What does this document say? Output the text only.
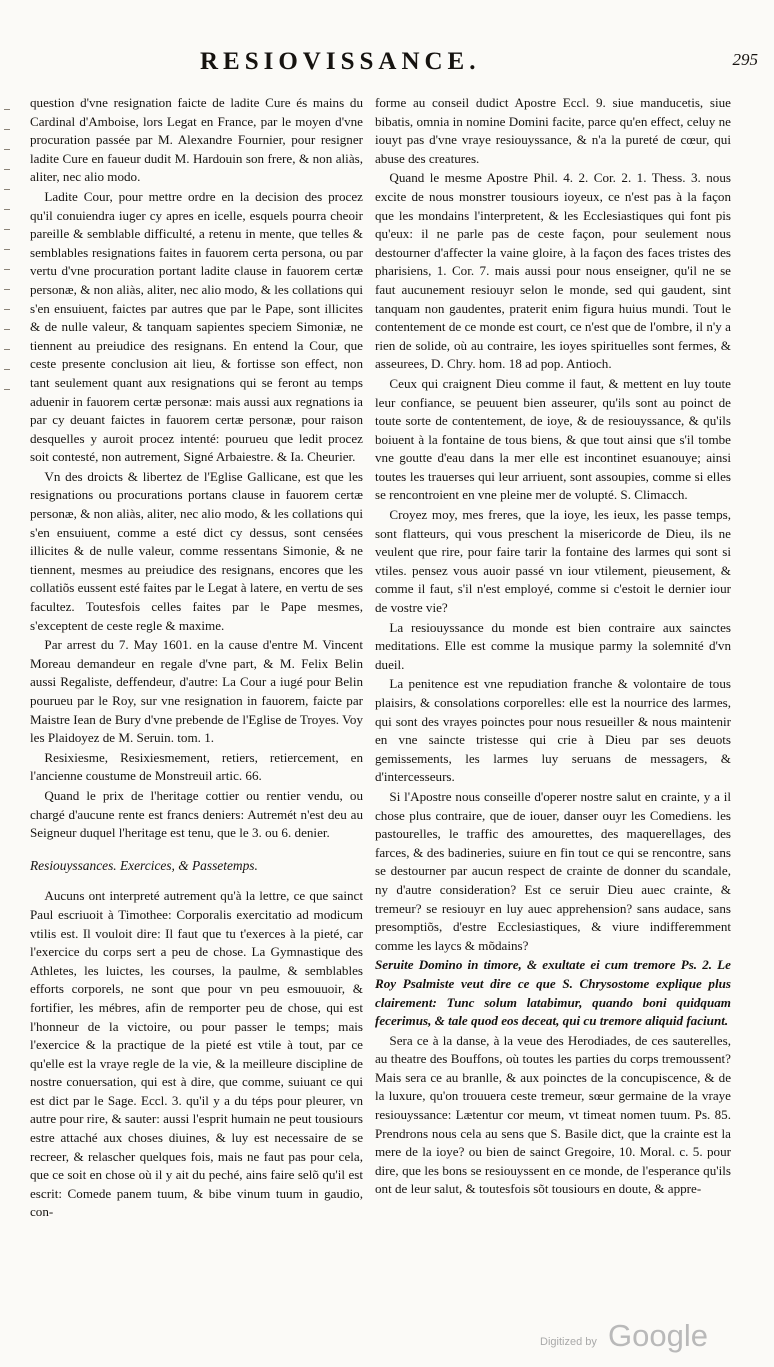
RESIOVISSANCE.	295

question d'vne resignation faicte de ladite Cure és mains du Cardinal d'Amboise, lors Legat en France, par le moyen d'vne procuration passée par M. Alexandre Fournier, pour resigner ladite Cure en faueur dudit M. Hardouin son frere, & non aliàs, aliter, nec alio modo.

Ladite Cour, pour mettre ordre en la decision des procez qu'il conuiendra iuger cy apres en icelle, esquels pourra cheoir pareille & semblable difficulté, a retenu in mente, que telles & semblables resignations faites in fauorem certa persona, ou par vertu d'vne procuration portant ladite clause in fauorem certæ personæ, & non aliàs, aliter, nec alio modo, & les collations qui s'en ensuiuent, faictes par autres que par le Pape, sont illicites & de nulle valeur, & tanquam sapientes speciem Simoniæ, ne tiennent au preiudice des resignans. En entend la Cour, que ceste presente conclusion ait lieu, & fortisse son effect, non tant seulement quant aux resignations qui se feront au temps aduenir in fauorem certæ personæ: mais aussi aux regnations ia par cy deuant faictes in fauorem certæ personæ, pour raison desquelles y auroit procez intenté: pourueu que ledit procez soit contesté, non autrement, Signé Arbaiestre. & Ia. Cheurier.

Vn des droicts & libertez de l'Eglise Gallicane, est que les resignations ou procurations portans clause in fauorem certæ personæ, & non aliàs, aliter, nec alio modo, & les collations qui s'en ensuiuent, comme a esté dict cy dessus, sont censées illicites & de nulle valeur, comme ressentans Simonie, & ne tiennent, mesmes au preiudice des resignans, encores que les collatiõs eussent esté faites par le Legat à latere, en vertu de ses facultez. Toutesfois celles faites par le Pape mesmes, s'exceptent de ceste regle & maxime.

Par arrest du 7. May 1601. en la cause d'entre M. Vincent Moreau demandeur en regale d'vne part, & M. Felix Belin aussi Regaliste, deffendeur, d'autre: La Cour a iugé pour Belin pourueu par le Roy, sur vne resignation in fauorem, faicte par Maistre Iean de Bury d'vne prebende de l'Eglise de Troyes. Voy les Plaidoyez de M. Seruin. tom. 1.

Resixiesme, Resixiesmement, retiers, retiercement, en l'ancienne coustume de Monstreuil artic. 66.

Quand le prix de l'heritage cottier ou rentier vendu, ou chargé d'aucune rente est francs deniers: Autremét n'est deu au Seigneur duquel l'heritage est tenu, que le 3. ou 6. denier.

Resiouyssances. Exercices, & Passetemps.

Aucuns ont interpreté autrement qu'à la lettre, ce que sainct Paul escriuoit à Timothee: Corporalis exercitatio ad modicum vtilis est. Il vouloit dire: Il faut que tu t'exerces à la pieté, car l'exercice du corps sert a peu de chose. La Gymnastique des Athletes, les luictes, les courses, la paulme, & semblables efforts corporels, ne sont que pour vn peu esmouuoir, & fortifier, les mébres, afin de remporter peu de chose, qui est l'honneur de la victoire, ou pour passer le temps; mais l'exercice & la practique de la pieté est vtile à tout, par ce qu'elle est la vraye regle de la vie, & la meilleure discipline de nostre conuersation, qui est à dire, que comme, suiuant ce qui est dict par le Sage. Eccl. 3. qu'il y a du téps pour pleurer, vn autre pour rire, & sauter: aussi l'esprit humain ne peut tousiours estre attaché aux choses diuines, & luy est necessaire de se recreer, & relascher quelques fois, mais ne faut pas pour cela, que ce soit en chose où il y ait du peché, ains faire selõ qu'il est escrit: Comede panem tuum, & bibe vinum tuum in gaudio, con-

forme au conseil dudict Apostre Eccl. 9. siue manducetis, siue bibatis, omnia in nomine Domini facite, parce qu'en effect, celuy ne iouyt pas d'vne vraye resiouyssance, & n'a la pureté de cœur, qui abuse des creatures.

Quand le mesme Apostre Phil. 4. 2. Cor. 2. 1. Thess. 3. nous excite de nous monstrer tousiours ioyeux, ce n'est pas à la façon que les mondains l'interpretent, & les Ecclesiastiques qui font pis qu'eux: il ne parle pas de ceste façon, pour seulement nous destourner d'affecter la vaine gloire, à la façon des faces tristes des pharisiens, 1. Cor. 7. mais aussi pour nous enseigner, qu'il ne se faut aucunement resiouyr selon le monde, sed qui gaudent, sint tanquam non gaudentes, praterit enim figura huius mundi. Tout le contentement de ce monde est court, ce n'est que de l'ombre, il n'y a rien de solide, où au contraire, les ioyes spirituelles sont fermes, & asseurees, D. Chry. hom. 18 ad pop. Antioch.

Ceux qui craignent Dieu comme il faut, & mettent en luy toute leur confiance, se peuuent bien asseurer, qu'ils sont au poinct de toute sorte de contentement, de ioye, & de resiouyssance, & qu'ils boiuent à la fontaine de tous biens, & que tout ainsi que s'il tombe vne goutte d'eau dans la mer elle est incontinet esuanouye; ainsi toutes les trauerses qui leur arriuent, sont assoupies, comme si elles se rencontroient en vne pleine mer de volupté. S. Climacch.

Croyez moy, mes freres, que la ioye, les ieux, les passe temps, sont flatteurs, qui vous preschent la misericorde de Dieu, ils ne veulent que rire, pour faire tarir la fontaine des larmes qui sont si vtiles. pensez vous auoir passé vn iour vtilement, pieusement, & comme il faut, s'il n'est employé, comme si c'estoit le dernier iour de vostre vie?

La resiouyssance du monde est bien contraire aux sainctes meditations. Elle est comme la musique parmy la solemnité d'vn dueil.

La penitence est vne repudiation franche & volontaire de tous plaisirs, & consolations corporelles: elle est la nourrice des larmes, qui sont des vrayes poinctes pour nous resueiller & nous maintenir en vne saincte tristesse qui crie à Dieu par ses deuots gemissements, les larmes luy seruans de messagers, & d'intercesseurs.

Si l'Apostre nous conseille d'operer nostre salut en crainte, y a il chose plus contraire, que de iouer, danser ouyr les Comediens. les pastourelles, le traffic des amourettes, des maquerellages, des farces, & des badineries, suiure en fin tout ce qui se rencontre, sans se destourner par aucun respect de crainte de donner du scandale, ny d'autre consideration? Est ce seruir Dieu auec crainte, & tremeur? se resiouyr en luy auec apprehension? sans audace, sans presomptiõs, d'estre Ecclesiastiques, & viure indifferemment comme les laycs & mõdains?

Seruite Domino in timore, & exultate ei cum tremore Ps. 2. Le Roy Psalmiste veut dire ce que S. Chrysostome explique plus clairement: Tunc solum latabimur, quando boni quidquam fecerimus, & tale quod eos deceat, qui cu tremore aliquid faciunt.

Sera ce à la danse, à la veue des Herodiades, de ces sauterelles, au theatre des Bouffons, où toutes les parties du corps tremoussent? Mais sera ce au branlle, & aux poinctes de la concupiscence, & de la luxure, qu'on trouuera ceste tremeur, sœur germaine de la vraye resiouyssance: Lætentur cor meum, vt timeat nomen tuum. Ps. 85. Prendrons nous cela au sens que S. Basile dict, que la crainte est la mere de la ioye? ou bien de sainct Gregoire, 10. Moral. c. 5. pour dire, que les bons se resiouyssent en ce monde, de l'esperance qu'ils ont de leur salut, & toutesfois sõt tousiours en doute, & appre-

Digitized by Google
